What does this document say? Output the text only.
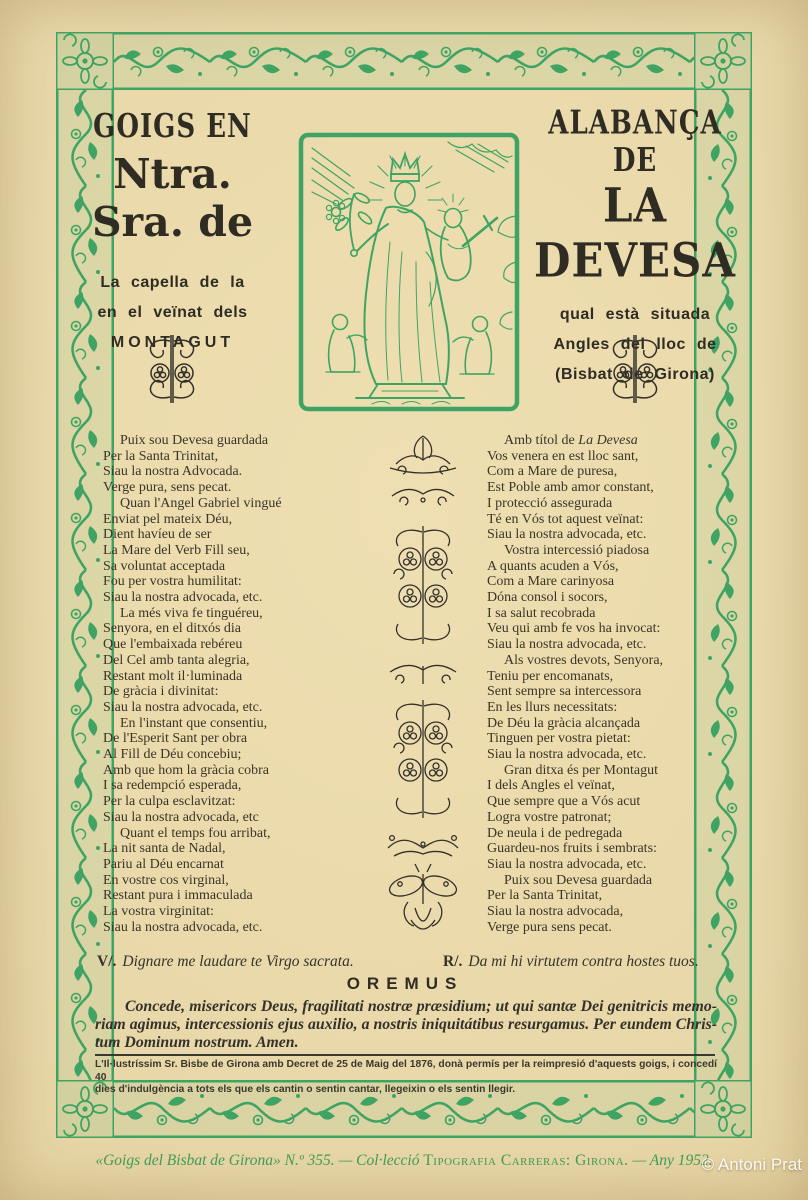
GOIGS EN
Ntra. Sra. de
La capella de la
en el veïnat dels
MONTAGUT
ALABANÇA DE
LA DEVESA
qual està situada
Angles del lloc de
(Bisbat de Girona)
Puix sou Devesa guardada
Per la Santa Trinitat,
Siau la nostra Advocada.
Verge pura, sens pecat.
Quan l'Angel Gabriel vingué
Enviat pel mateix Déu,
Dient havíeu de ser
La Mare del Verb Fill seu,
Sa voluntat acceptada
Fou per vostra humilitat:
Siau la nostra advocada, etc.
La més viva fe tinguéreu,
Senyora, en el ditxós dia
Que l'embaixada rebéreu
Del Cel amb tanta alegria,
Restant molt il·luminada
De gràcia i divinitat:
Siau la nostra advocada, etc.
En l'instant que consentiu,
De l'Esperit Sant per obra
Al Fill de Déu concebiu;
Amb que hom la gràcia cobra
I sa redempció esperada,
Per la culpa esclavitzat:
Siau la nostra advocada, etc
Quant el temps fou arribat,
La nit santa de Nadal,
Pariu al Déu encarnat
En vostre cos virginal,
Restant pura i immaculada
La vostra virginitat:
Siau la nostra advocada, etc.
Amb títol de La Devesa
Vos venera en est lloc sant,
Com a Mare de puresa,
Est Poble amb amor constant,
I protecció assegurada
Té en Vós tot aquest veïnat:
Siau la nostra advocada, etc.
Vostra intercessió piadosa
A quants acuden a Vós,
Com a Mare carinyosa
Dóna consol i socors,
I sa salut recobrada
Veu qui amb fe vos ha invocat:
Siau la nostra advocada, etc.
Als vostres devots, Senyora,
Teniu per encomanats,
Sent sempre sa intercessora
En les llurs necessitats:
De Déu la gràcia alcançada
Tinguen per vostra pietat:
Siau la nostra advocada, etc.
Gran ditxa és per Montagut
I dels Angles el veïnat,
Que sempre que a Vós acut
Logra vostre patronat;
De neula i de pedregada
Guardeu-nos fruits i sembrats:
Siau la nostra advocada, etc.
Puix sou Devesa guardada
Per la Santa Trinitat,
Siau la nostra advocada,
Verge pura sens pecat.
V/. Dignare me laudare te Virgo sacrata.	R/. Da mi hi virtutem contra hostes tuos.
OREMUS
Concede, misericors Deus, fragilitati nostræ præsidium; ut qui santæ Dei genitricis memo-
riam agimus, intercessionis ejus auxilio, a nostris iniquitátibus resurgamus. Per eundem Chris-
tum Dominum nostrum. Amen.
L'Il·lustríssim Sr. Bisbe de Girona amb Decret de 25 de Maig del 1876, donà permís per la reimpresió d'aquests goigs, i concedí 40
dies d'indulgència a tots els que els cantin o sentin cantar, llegeixin o els sentin llegir.
«Goigs del Bisbat de Girona» N.º 355. — Col·lecció Tipografia Carreras: Girona. — Any 1952.
© Antoni Prat
